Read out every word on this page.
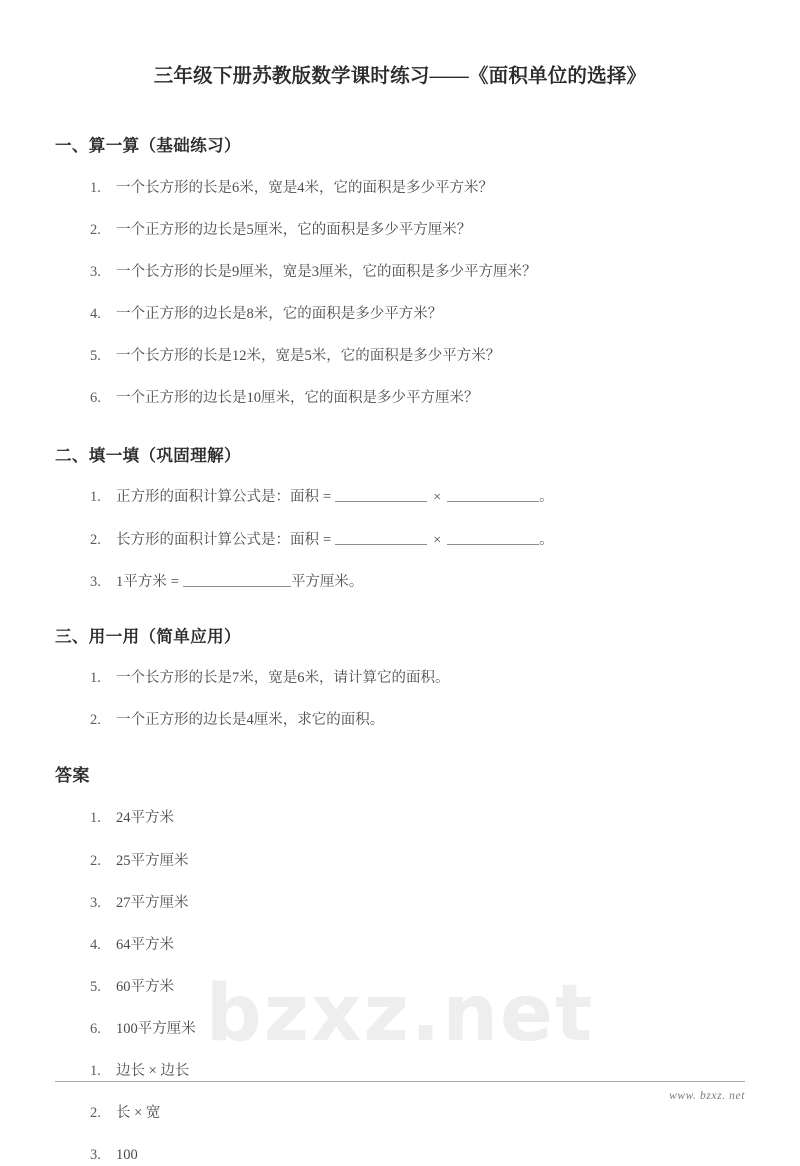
bzxz.net
三年级下册苏教版数学课时练习——《面积单位的选择》
一、算一算（基础练习）
1.	一个长方形的长是6米，宽是4米，它的面积是多少平方米？
2.	一个正方形的边长是5厘米，它的面积是多少平方厘米？
3.	一个长方形的长是9厘米，宽是3厘米，它的面积是多少平方厘米？
4.	一个正方形的边长是8米，它的面积是多少平方米？
5.	一个长方形的长是12米，宽是5米，它的面积是多少平方米？
6.	一个正方形的边长是10厘米，它的面积是多少平方厘米？
二、填一填（巩固理解）
1.	正方形的面积计算公式是：面积 =	×	。
2.	长方形的面积计算公式是：面积 =	×	。
3.	1平方米 =	平方厘米。
三、用一用（简单应用）
1.	一个长方形的长是7米，宽是6米，请计算它的面积。
2.	一个正方形的边长是4厘米，求它的面积。
答案
1.	24平方米
2.	25平方厘米
3.	27平方厘米
4.	64平方米
5.	60平方米
6.	100平方厘米
1.	边长 × 边长
2.	长 × 宽
3.	100
www. bzxz. net
